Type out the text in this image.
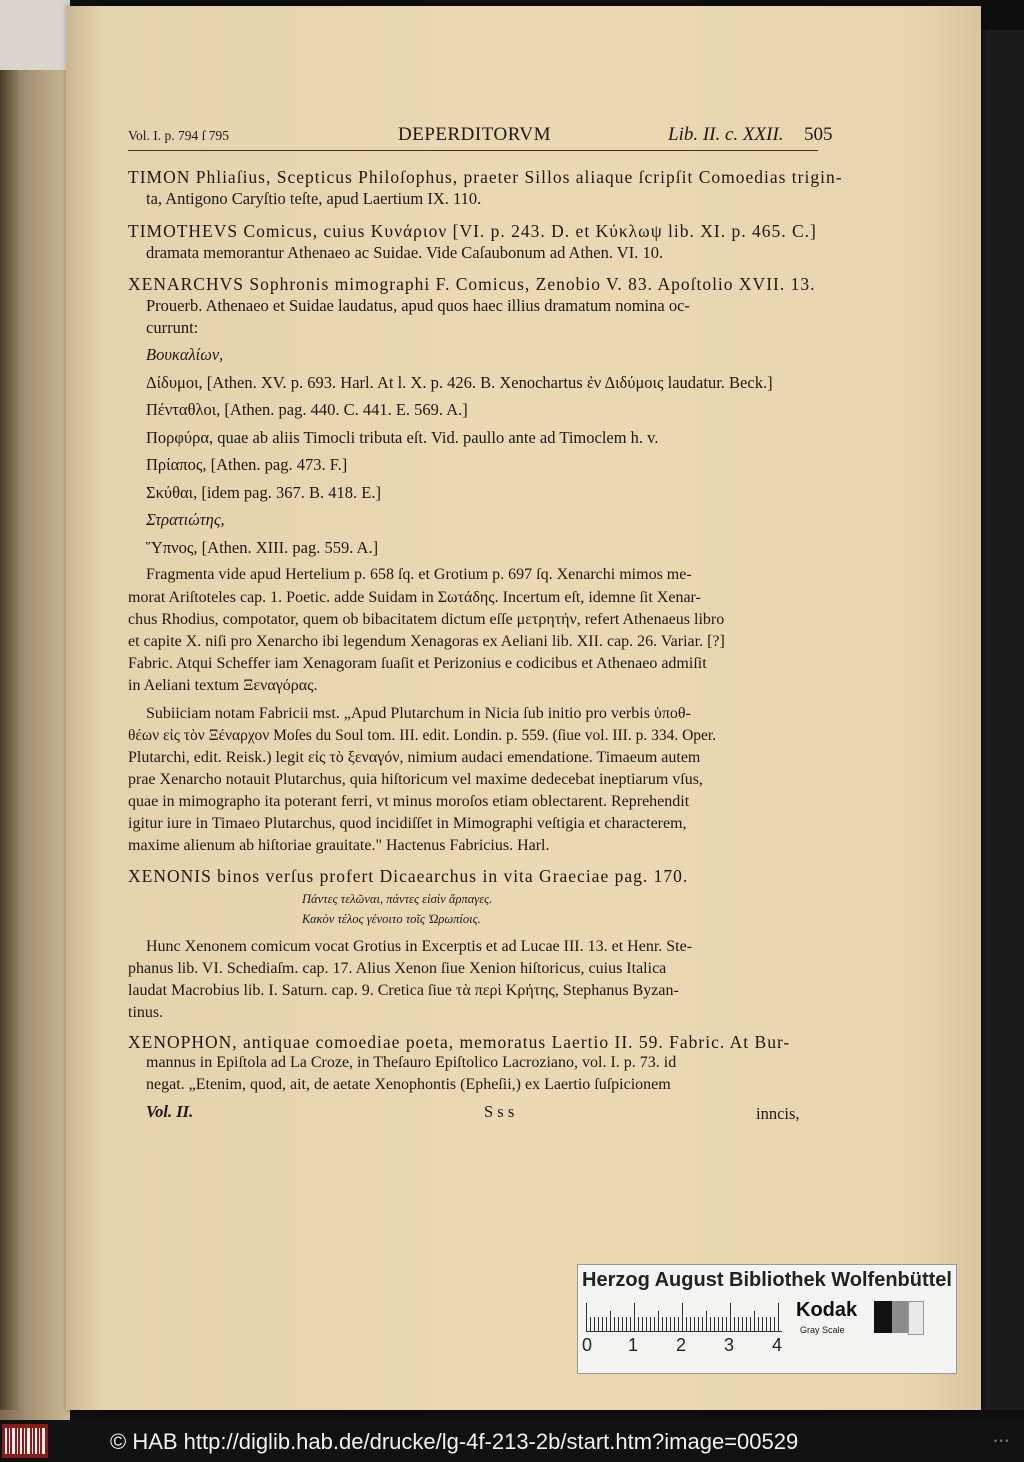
Vol. I. p. 794 ſ 795	DEPERDITORVM	Lib. II. c. XXII. 505
TIMON Phliaſius, Scepticus Philoſophus, praeter Sillos aliaque ſcripſit Comoedias trigin-
ta, Antigono Caryſtio teſte, apud Laertium IX. 110.
TIMOTHEVS Comicus, cuius Κυνάριον [VI. p. 243. D. et Κύκλωψ lib. XI. p. 465. C.]
dramata memorantur Athenaeo ac Suidae. Vide Caſaubonum ad Athen. VI. 10.
XENARCHVS Sophronis mimographi F. Comicus, Zenobio V. 83. Apoſtolio XVII. 13.
Prouerb. Athenaeo et Suidae laudatus, apud quos haec illius dramatum nomina oc-
currunt:
Βουκαλίων,
Δίδυμοι, [Athen. XV. p. 693. Harl. At l. X. p. 426. B. Xenochartus ἐν Διδύμοις laudatur. Beck.]
Πένταθλοι, [Athen. pag. 440. C. 441. E. 569. A.]
Πορφύρα, quae ab aliis Timocli tributa eſt. Vid. paullo ante ad Timoclem h. v.
Πρίαπος, [Athen. pag. 473. F.]
Σκύθαι, [idem pag. 367. B. 418. E.]
Στρατιώτης,
Ὕπνος, [Athen. XIII. pag. 559. A.]
Fragmenta vide apud Hertelium p. 658 ſq. et Grotium p. 697 ſq. Xenarchi mimos me-
morat Ariſtoteles cap. 1. Poetic. adde Suidam in Σωτάδης. Incertum eſt, idemne ſit Xenar-
chus Rhodius, compotator, quem ob bibacitatem dictum eſſe μετρητήν, refert Athenaeus libro
et capite X. niſi pro Xenarcho ibi legendum Xenagoras ex Aeliani lib. XII. cap. 26. Variar. [?]
Fabric. Atqui Scheffer iam Xenagoram ſuaſit et Perizonius e codicibus et Athenaeo admiſit
in Aeliani textum Ξεναγόρας.
Subiiciam notam Fabricii mst. „Apud Plutarchum in Nicia ſub initio pro verbis ὑποθ-
θέων εἰς τὸν Ξέναρχον Moſes du Soul tom. III. edit. Londin. p. 559. (ſiue vol. III. p. 334. Oper.
Plutarchi, edit. Reisk.) legit εἰς τὸ ξεναγόν, nimium audaci emendatione. Timaeum autem
prae Xenarcho notauit Plutarchus, quia hiſtoricum vel maxime dedecebat ineptiarum vſus,
quae in mimographo ita poterant ferri, vt minus moroſos etiam oblectarent. Reprehendit
igitur iure in Timaeo Plutarchus, quod incidiſſet in Mimographi veſtigia et characterem,
maxime alienum ab hiſtoriae grauitate." Hactenus Fabricius. Harl.
XENONIS binos verſus profert Dicaearchus in vita Graeciae pag. 170.
Πάντες τελῶναι, πάντες εἰσὶν ἅρπαγες.
Κακὸν τέλος γένοιτο τοῖς Ὠρωπίοις.
Hunc Xenonem comicum vocat Grotius in Excerptis et ad Lucae III. 13. et Henr. Ste-
phanus lib. VI. Schediaſm. cap. 17. Alius Xenon ſiue Xenion hiſtoricus, cuius Italica
laudat Macrobius lib. I. Saturn. cap. 9. Cretica ſiue τὰ περὶ Κρήτης, Stephanus Byzan-
tinus.
XENOPHON, antiquae comoediae poeta, memoratus Laertio II. 59. Fabric. At Bur-
mannus in Epiſtola ad La Croze, in Theſauro Epiſtolico Lacroziano, vol. I. p. 73. id
negat. „Etenim, quod, ait, de aetate Xenophontis (Epheſii,) ex Laertio ſuſpicionem
Vol. II.	S s s	inncis,
Herzog August Bibliothek Wolfenbüttel
0 1 2 3 4
Kodak
Gray Scale
© HAB http://diglib.hab.de/drucke/lg-4f-213-2b/start.htm?image=00529	• • •
